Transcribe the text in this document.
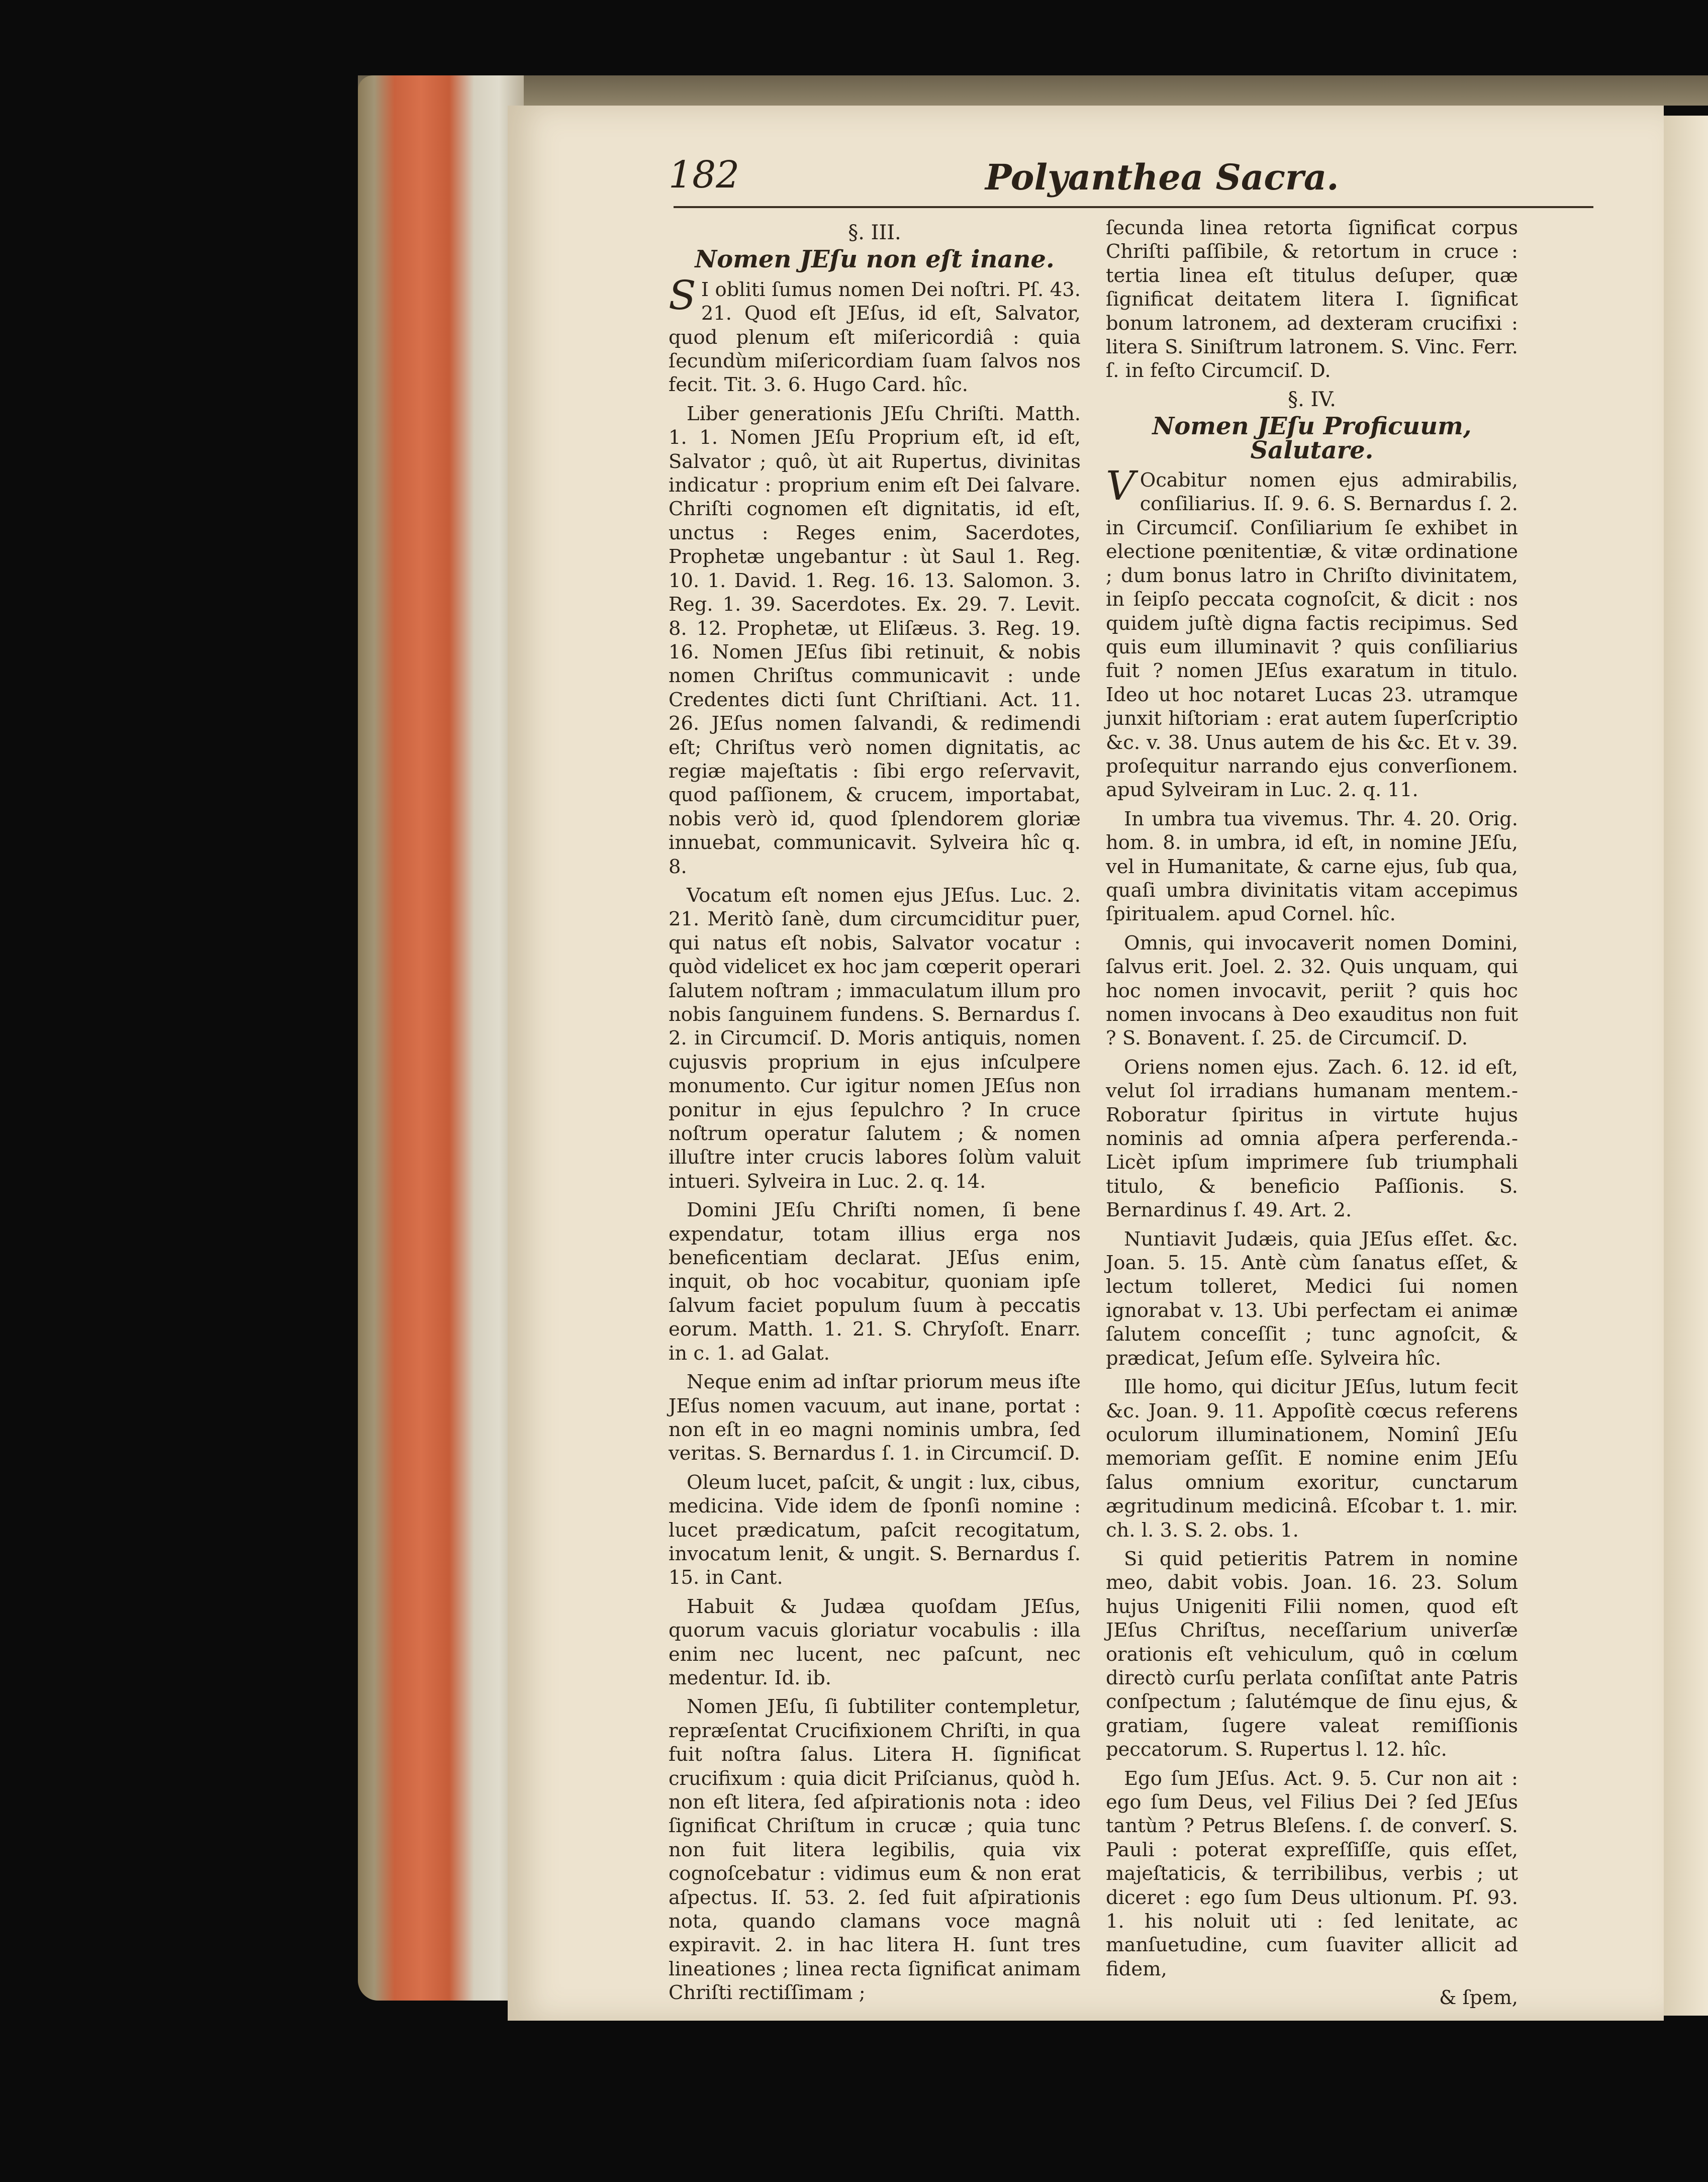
182	Polyanthea Sacra.
§. III.
Nomen JEſu non eſt inane.

S I obliti ſumus nomen Dei noſtri. Pſ. 43. 21. Quod eſt JEſus, id eſt, Salvator, quod plenum eſt miſericordiâ : quia ſecundùm miſericordiam ſuam ſalvos nos fecit. Tit. 3. 6. Hugo Card. hîc.

Liber generationis JEſu Chriſti. Matth. 1. 1. Nomen JEſu Proprium eſt, id eſt, Salvator ; quô, ùt ait Rupertus, divinitas indicatur : proprium enim eſt Dei ſalvare. Chriſti cognomen eſt dignitatis, id eſt, unctus : Reges enim, Sacerdotes, Prophetæ ungebantur : ùt Saul 1. Reg. 10. 1. David. 1. Reg. 16. 13. Salomon. 3. Reg. 1. 39. Sacerdotes. Ex. 29. 7. Levit. 8. 12. Prophetæ, ut Eliſæus. 3. Reg. 19. 16. Nomen JEſus ſibi retinuit, & nobis nomen Chriſtus communicavit : unde Credentes dicti ſunt Chriſtiani. Act. 11. 26. JEſus nomen ſalvandi, & redimendi eſt; Chriſtus verò nomen dignitatis, ac regiæ majeſtatis : ſibi ergo reſervavit, quod paſſionem, & crucem, importabat, nobis verò id, quod ſplendorem gloriæ innuebat, communicavit. Sylveira hîc q. 8.

Vocatum eſt nomen ejus JEſus. Luc. 2. 21. Meritò ſanè, dum circumciditur puer, qui natus eſt nobis, Salvator vocatur : quòd videlicet ex hoc jam cœperit operari ſalutem noſtram ; immaculatum illum pro nobis ſanguinem fundens. S. Bernardus ſ. 2. in Circumciſ. D. Moris antiquis, nomen cujusvis proprium in ejus inſculpere monumento. Cur igitur nomen JEſus non ponitur in ejus ſepulchro ? In cruce noſtrum operatur ſalutem ; & nomen illuſtre inter crucis labores ſolùm valuit intueri. Sylveira in Luc. 2. q. 14.

Domini JEſu Chriſti nomen, ſi bene expendatur, totam illius erga nos beneficentiam declarat. JEſus enim, inquit, ob hoc vocabitur, quoniam ipſe ſalvum faciet populum ſuum à peccatis eorum. Matth. 1. 21. S. Chryſoſt. Enarr. in c. 1. ad Galat.

Neque enim ad inſtar priorum meus iſte JEſus nomen vacuum, aut inane, portat : non eſt in eo magni nominis umbra, ſed veritas. S. Bernardus ſ. 1. in Circumciſ. D.

Oleum lucet, paſcit, & ungit : lux, cibus, medicina. Vide idem de ſponſi nomine : lucet prædicatum, paſcit recogitatum, invocatum lenit, & ungit. S. Bernardus ſ. 15. in Cant.

Habuit & Judæa quoſdam JEſus, quorum vacuis gloriatur vocabulis : illa enim nec lucent, nec paſcunt, nec medentur. Id. ib.

Nomen JEſu, ſi ſubtiliter contempletur, repræſentat Crucifixionem Chriſti, in qua fuit noſtra ſalus. Litera H. ſignificat crucifixum : quia dicit Priſcianus, quòd h. non eſt litera, ſed aſpirationis nota : ideo ſignificat Chriſtum in crucæ ; quia tunc non fuit litera legibilis, quia vix cognoſcebatur : vidimus eum & non erat aſpectus. Iſ. 53. 2. ſed fuit aſpirationis nota, quando clamans voce magnâ expiravit. 2. in hac litera H. ſunt tres lineationes ; linea recta ſignificat animam Chriſti rectiſſimam ;

ſecunda linea retorta ſignificat corpus Chriſti paſſibile, & retortum in cruce : tertia linea eſt titulus deſuper, quæ ſignificat deitatem litera I. ſignificat bonum latronem, ad dexteram crucifixi : litera S. Siniſtrum latronem. S. Vinc. Ferr. ſ. in feſto Circumciſ. D.

§. IV.
Nomen JEſu Proficuum, Salutare.

V Ocabitur nomen ejus admirabilis, conſiliarius. Iſ. 9. 6. S. Bernardus ſ. 2. in Circumciſ. Conſiliarium ſe exhibet in electione pœnitentiæ, & vitæ ordinatione ; dum bonus latro in Chriſto divinitatem, in ſeipſo peccata cognoſcit, & dicit : nos quidem juſtè digna factis recipimus. Sed quis eum illuminavit ? quis conſiliarius fuit ? nomen JEſus exaratum in titulo. Ideo ut hoc notaret Lucas 23. utramque junxit hiſtoriam : erat autem ſuperſcriptio &c. v. 38. Unus autem de his &c. Et v. 39. proſequitur narrando ejus converſionem. apud Sylveiram in Luc. 2. q. 11.

In umbra tua vivemus. Thr. 4. 20. Orig. hom. 8. in umbra, id eſt, in nomine JEſu, vel in Humanitate, & carne ejus, ſub qua, quaſi umbra divinitatis vitam accepimus ſpiritualem. apud Cornel. hîc.

Omnis, qui invocaverit nomen Domini, ſalvus erit. Joel. 2. 32. Quis unquam, qui hoc nomen invocavit, periit ? quis hoc nomen invocans à Deo exauditus non fuit ? S. Bonavent. ſ. 25. de Circumciſ. D.

Oriens nomen ejus. Zach. 6. 12. id eſt, velut ſol irradians humanam mentem.- Roboratur ſpiritus in virtute hujus nominis ad omnia aſpera perferenda.- Licèt ipſum imprimere ſub triumphali titulo, & beneficio Paſſionis. S. Bernardinus ſ. 49. Art. 2.

Nuntiavit Judæis, quia JEſus eſſet. &c. Joan. 5. 15. Antè cùm ſanatus eſſet, & lectum tolleret, Medici ſui nomen ignorabat v. 13. Ubi perfectam ei animæ ſalutem conceſſit ; tunc agnoſcit, & prædicat, Jeſum eſſe. Sylveira hîc.

Ille homo, qui dicitur JEſus, lutum fecit &c. Joan. 9. 11. Appoſitè cœcus referens oculorum illuminationem, Nominî JEſu memoriam geſſit. E nomine enim JEſu ſalus omnium exoritur, cunctarum ægritudinum medicinâ. Eſcobar t. 1. mir. ch. l. 3. S. 2. obs. 1.

Si quid petieritis Patrem in nomine meo, dabit vobis. Joan. 16. 23. Solum hujus Unigeniti Filii nomen, quod eſt JEſus Chriſtus, neceſſarium univerſæ orationis eſt vehiculum, quô in cœlum directò curſu perlata conſiſtat ante Patris conſpectum ; ſalutémque de ſinu ejus, & gratiam, ſugere valeat remiſſionis peccatorum. S. Rupertus l. 12. hîc.

Ego ſum JEſus. Act. 9. 5. Cur non ait : ego ſum Deus, vel Filius Dei ? ſed JEſus tantùm ? Petrus Bleſens. ſ. de converſ. S. Pauli : poterat expreſſiſſe, quis eſſet, majeſtaticis, & terribilibus, verbis ; ut diceret : ego ſum Deus ultionum. Pſ. 93. 1. his noluit uti : ſed lenitate, ac manſuetudine, cum ſuaviter allicit ad fidem,

& ſpem,
